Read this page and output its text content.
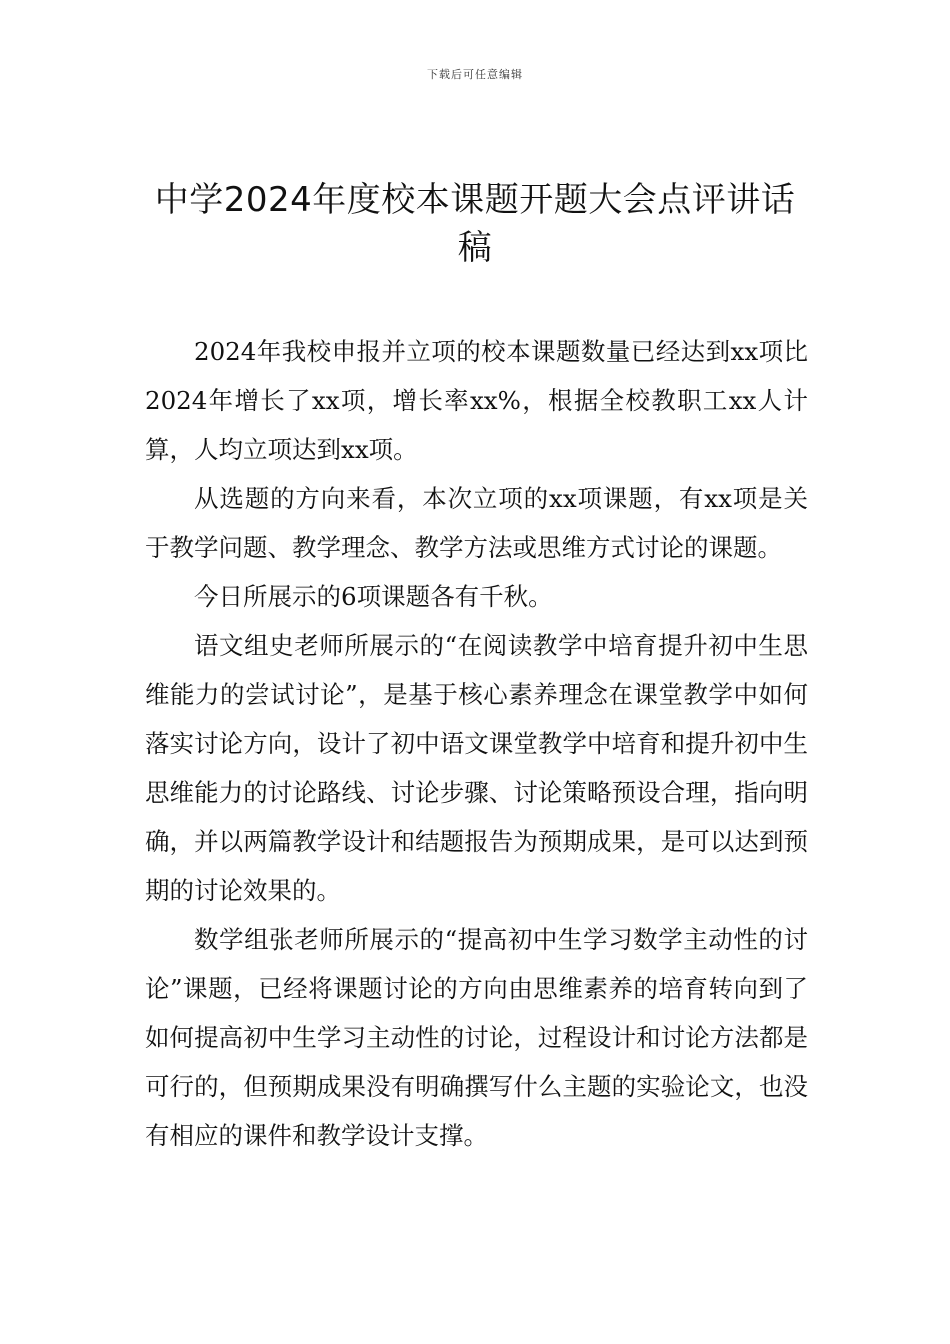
下载后可任意编辑
中学2024年度校本课题开题大会点评讲话稿

2024年我校申报并立项的校本课题数量已经达到xx项比2024年增长了xx项，增长率xx%，根据全校教职工xx人计算，人均立项达到xx项。

从选题的方向来看，本次立项的xx项课题，有xx项是关于教学问题、教学理念、教学方法或思维方式讨论的课题。

今日所展示的6项课题各有千秋。

语文组史老师所展示的“在阅读教学中培育提升初中生思维能力的尝试讨论”，是基于核心素养理念在课堂教学中如何落实讨论方向，设计了初中语文课堂教学中培育和提升初中生思维能力的讨论路线、讨论步骤、讨论策略预设合理，指向明确，并以两篇教学设计和结题报告为预期成果，是可以达到预期的讨论效果的。

数学组张老师所展示的“提高初中生学习数学主动性的讨论”课题，已经将课题讨论的方向由思维素养的培育转向到了如何提高初中生学习主动性的讨论，过程设计和讨论方法都是可行的，但预期成果没有明确撰写什么主题的实验论文，也没有相应的课件和教学设计支撑。
